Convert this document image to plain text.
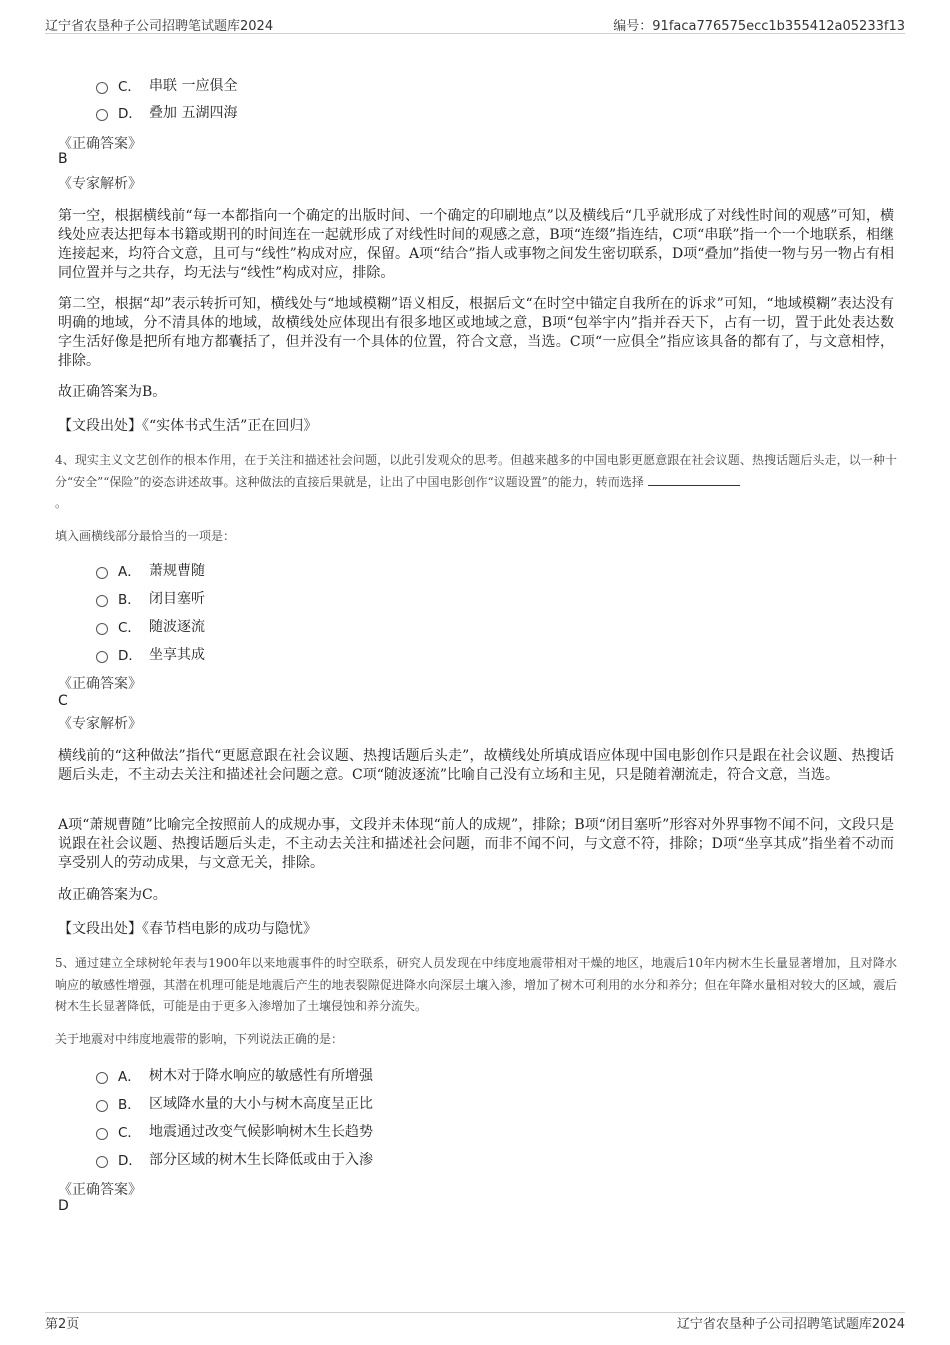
辽宁省农垦种子公司招聘笔试题库2024	编号：91faca776575ecc1b355412a05233f13
C． 串联 一应俱全
D． 叠加 五湖四海
《正确答案》
B
《专家解析》
第一空，根据横线前“每一本都指向一个确定的出版时间、一个确定的印刷地点”以及横线后“几乎就形成了对线性时间的观感”可知，横线处应表达把每本书籍或期刊的时间连在一起就形成了对线性时间的观感之意，B项“连缀”指连结，C项“串联”指一个一个地联系，相继连接起来，均符合文意，且可与“线性”构成对应，保留。A项“结合”指人或事物之间发生密切联系，D项“叠加”指使一物与另一物占有相同位置并与之共存，均无法与“线性”构成对应，排除。
第二空，根据“却”表示转折可知，横线处与“地域模糊”语义相反，根据后文“在时空中锚定自我所在的诉求”可知，“地域模糊”表达没有明确的地域，分不清具体的地域，故横线处应体现出有很多地区或地域之意，B项“包举宇内”指并吞天下，占有一切，置于此处表达数字生活好像是把所有地方都囊括了，但并没有一个具体的位置，符合文意，当选。C项“一应俱全”指应该具备的都有了，与文意相悖，排除。
故正确答案为B。
【文段出处】《“实体书式生活”正在回归》
4、现实主义文艺创作的根本作用，在于关注和描述社会问题，以此引发观众的思考。但越来越多的中国电影更愿意跟在社会议题、热搜话题后头走，以一种十分“安全”“保险”的姿态讲述故事。这种做法的直接后果就是，让出了中国电影创作“议题设置”的能力，转而选择
。
填入画横线部分最恰当的一项是：
A． 萧规曹随
B． 闭目塞听
C． 随波逐流
D． 坐享其成
《正确答案》
C
《专家解析》
横线前的“这种做法”指代“更愿意跟在社会议题、热搜话题后头走”，故横线处所填成语应体现中国电影创作只是跟在社会议题、热搜话题后头走，不主动去关注和描述社会问题之意。C项“随波逐流”比喻自己没有立场和主见，只是随着潮流走，符合文意，当选。
A项“萧规曹随”比喻完全按照前人的成规办事，文段并未体现“前人的成规”，排除；B项“闭目塞听”形容对外界事物不闻不问，文段只是说跟在社会议题、热搜话题后头走，不主动去关注和描述社会问题，而非不闻不问，与文意不符，排除；D项“坐享其成”指坐着不动而享受别人的劳动成果，与文意无关，排除。
故正确答案为C。
【文段出处】《春节档电影的成功与隐忧》
5、通过建立全球树轮年表与1900年以来地震事件的时空联系，研究人员发现在中纬度地震带相对干燥的地区，地震后10年内树木生长量显著增加，且对降水响应的敏感性增强，其潜在机理可能是地震后产生的地表裂隙促进降水向深层土壤入渗，增加了树木可利用的水分和养分；但在年降水量相对较大的区域，震后树木生长显著降低，可能是由于更多入渗增加了土壤侵蚀和养分流失。
关于地震对中纬度地震带的影响，下列说法正确的是：
A． 树木对于降水响应的敏感性有所增强
B． 区域降水量的大小与树木高度呈正比
C． 地震通过改变气候影响树木生长趋势
D． 部分区域的树木生长降低或由于入渗
《正确答案》
D
第2页	辽宁省农垦种子公司招聘笔试题库2024
